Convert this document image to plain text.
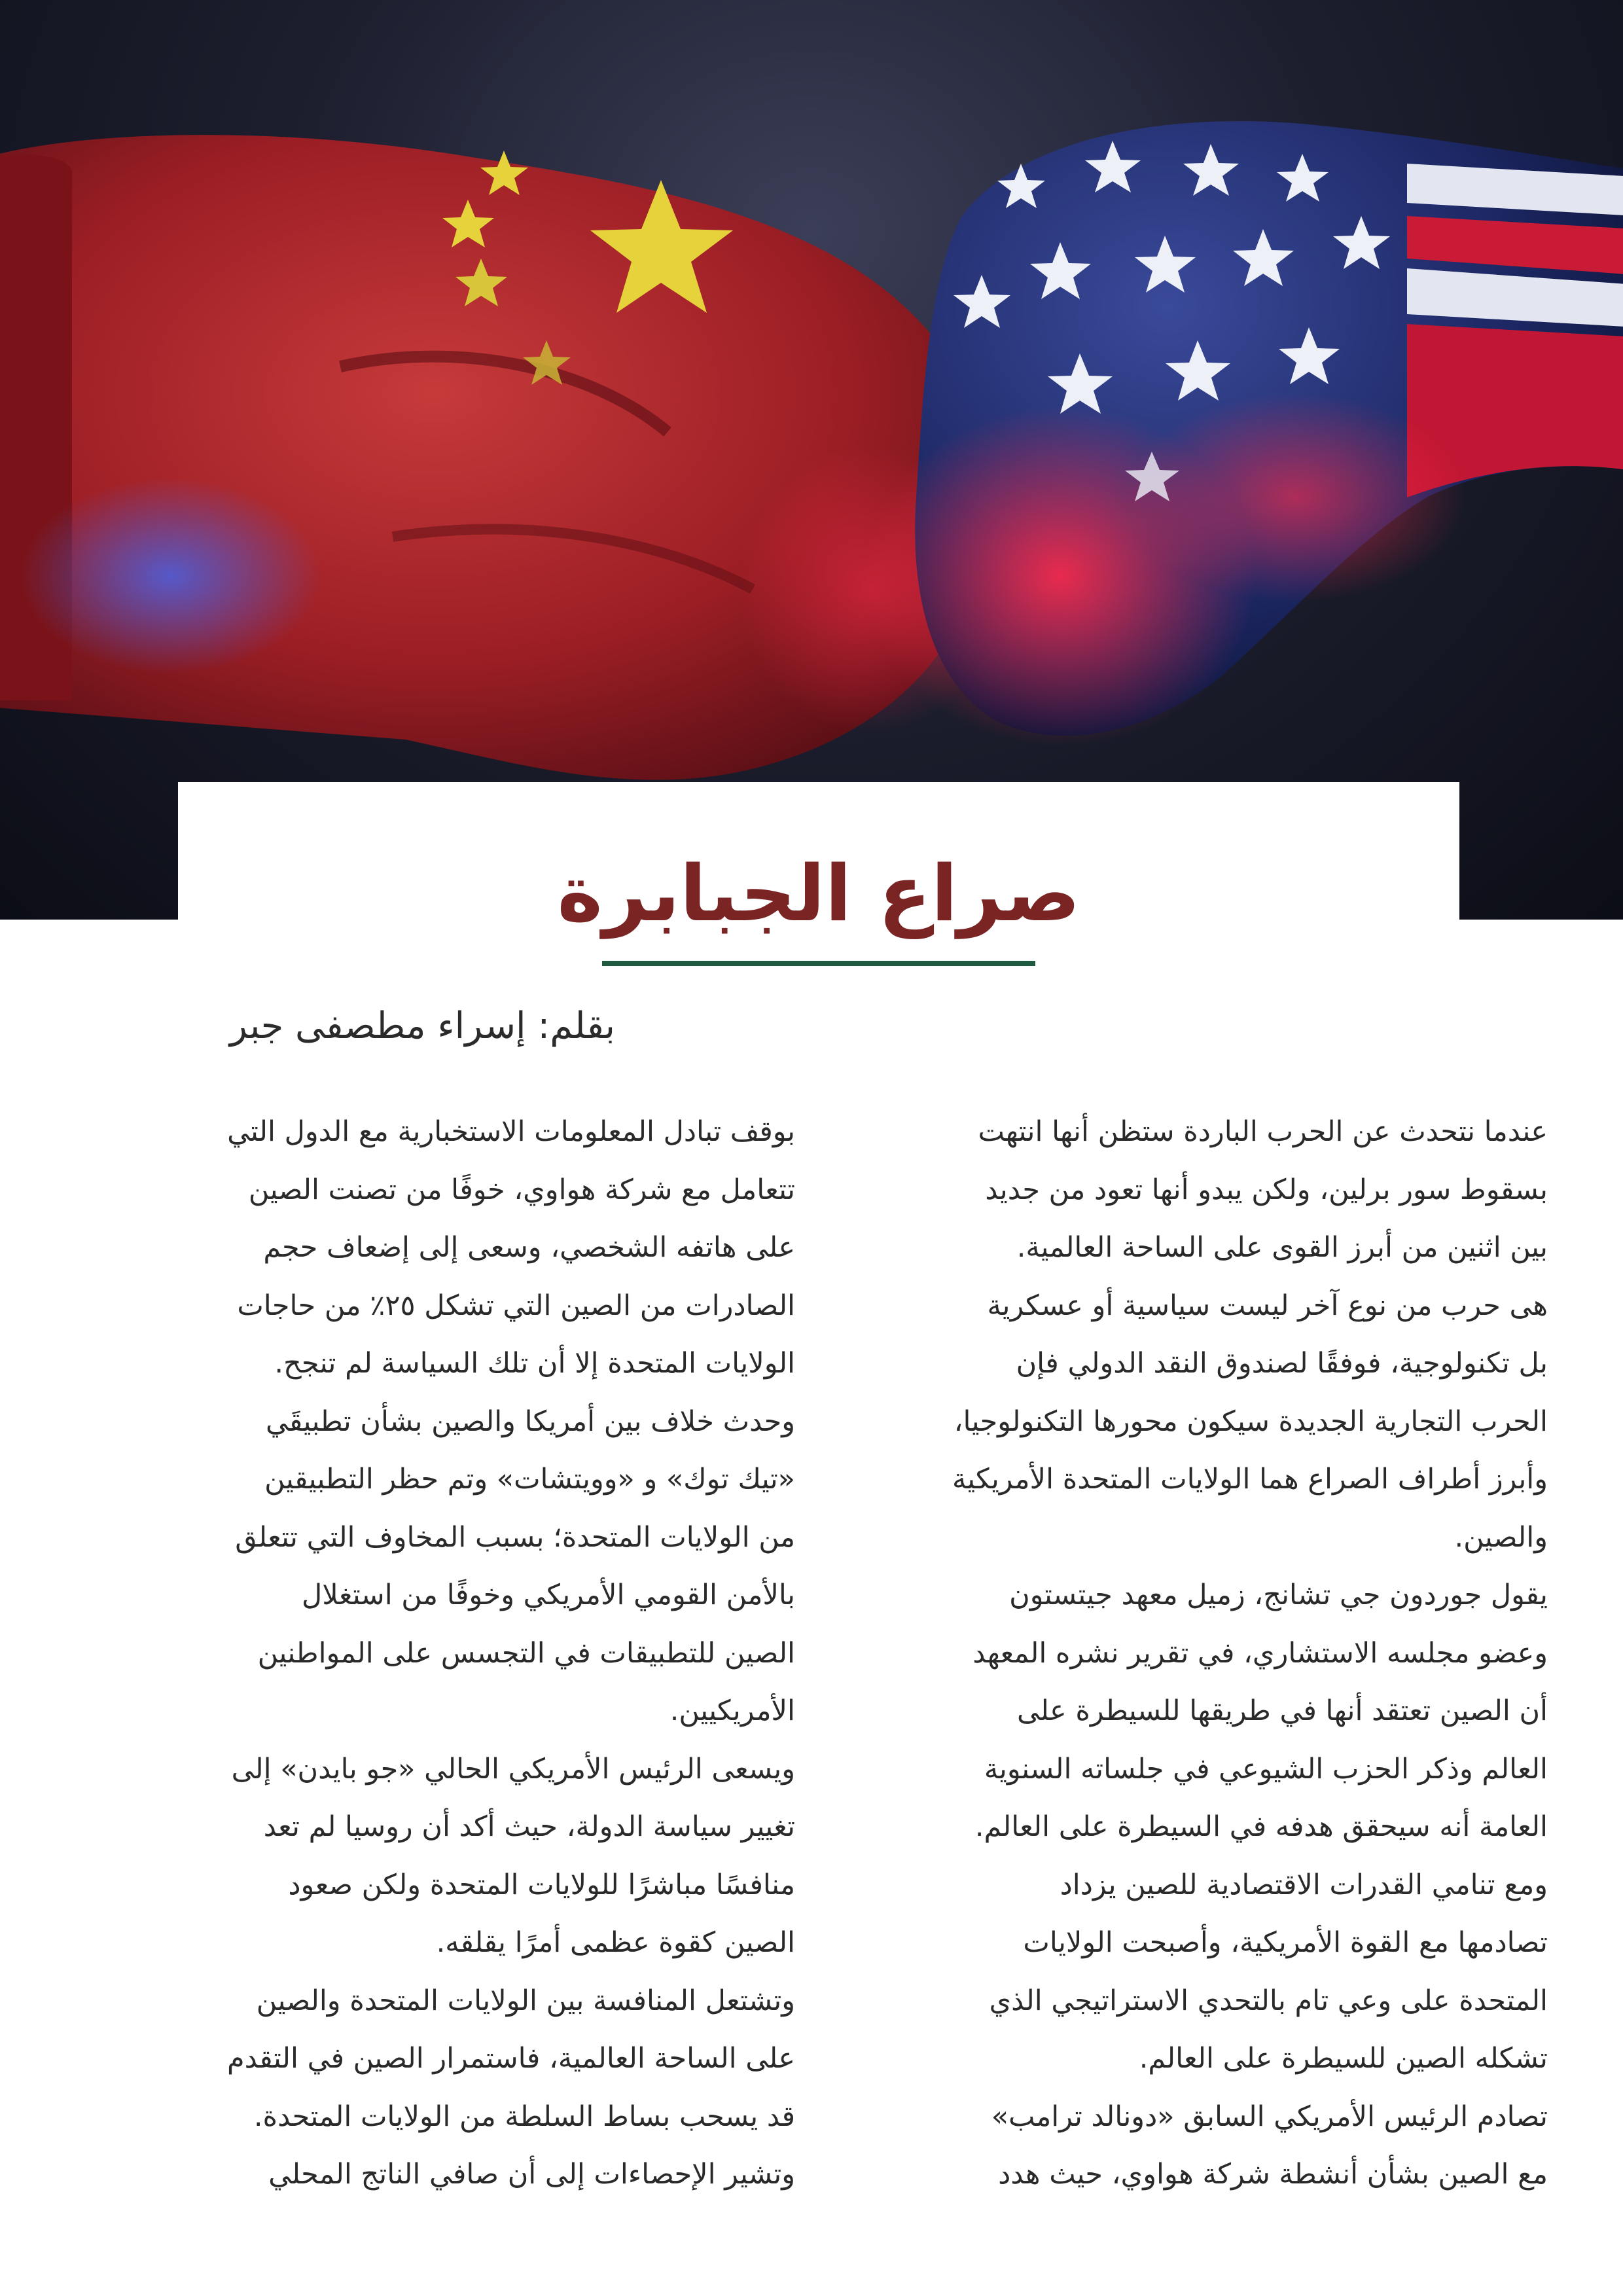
صراع الجبابرة
بقلم: إسراء مطصفى جبر

عندما نتحدث عن الحرب الباردة ستظن أنها انتهت

بسقوط سور برلين، ولكن يبدو أنها تعود من جديد

بين اثنين من أبرز القوى على الساحة العالمية.

هى حرب من نوع آخر ليست سياسية أو عسكرية

بل تكنولوجية، فوفقًا لصندوق النقد الدولي فإن

الحرب التجارية الجديدة سيكون محورها التكنولوجيا،

وأبرز أطراف الصراع هما الولايات المتحدة الأمريكية

والصين.

يقول جوردون جي تشانج، زميل معهد جيتستون

وعضو مجلسه الاستشاري، في تقرير نشره المعهد

أن الصين تعتقد أنها في طريقها للسيطرة على

العالم وذكر الحزب الشيوعي في جلساته السنوية

العامة أنه سيحقق هدفه في السيطرة على العالم.

ومع تنامي القدرات الاقتصادية للصين يزداد

تصادمها مع القوة الأمريكية، وأصبحت الولايات

المتحدة على وعي تام بالتحدي الاستراتيجي الذي

تشكله الصين للسيطرة على العالم.

تصادم الرئيس الأمريكي السابق «دونالد ترامب»

مع الصين بشأن أنشطة شركة هواوي، حيث هدد

بوقف تبادل المعلومات الاستخبارية مع الدول التي

تتعامل مع شركة هواوي، خوفًا من تصنت الصين

على هاتفه الشخصي، وسعى إلى إضعاف حجم

الصادرات من الصين التي تشكل ٢٥٪ من حاجات

الولايات المتحدة إلا أن تلك السياسة لم تنجح.

وحدث خلاف بين أمريكا والصين بشأن تطبيقَي

«تيك توك» و «وويتشات» وتم حظر التطبيقين

من الولايات المتحدة؛ بسبب المخاوف التي تتعلق

بالأمن القومي الأمريكي وخوفًا من استغلال

الصين للتطبيقات في التجسس على المواطنين

الأمريكيين.

ويسعى الرئيس الأمريكي الحالي «جو بايدن» إلى

تغيير سياسة الدولة، حيث أكد أن روسيا لم تعد

منافسًا مباشرًا للولايات المتحدة ولكن صعود

الصين كقوة عظمى أمرًا يقلقه.

وتشتعل المنافسة بين الولايات المتحدة والصين

على الساحة العالمية، فاستمرار الصين في التقدم

قد يسحب بساط السلطة من الولايات المتحدة.

وتشير الإحصاءات إلى أن صافي الناتج المحلي
